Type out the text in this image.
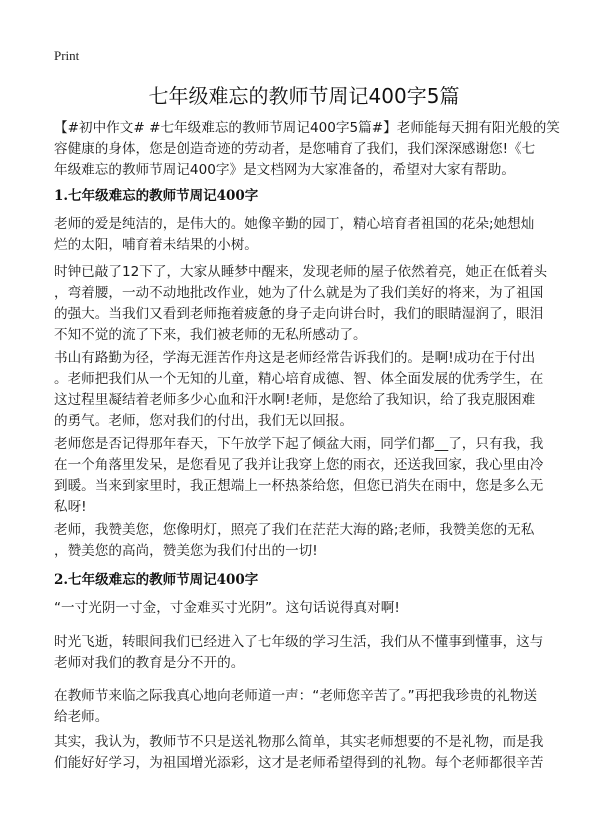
Print
七年级难忘的教师节周记400字5篇

【#初中作文# #七年级难忘的教师节周记400字5篇#】老师能每天拥有阳光般的笑
容健康的身体，您是创造奇迹的劳动者，是您哺育了我们，我们深深感谢您!《七
年级难忘的教师节周记400字》是文档网为大家准备的，希望对大家有帮助。

1.七年级难忘的教师节周记400字

老师的爱是纯洁的，是伟大的。她像辛勤的园丁，精心培育者祖国的花朵;她想灿
烂的太阳，哺育着未结果的小树。

时钟已敲了12下了，大家从睡梦中醒来，发现老师的屋子依然着亮，她正在低着头
，弯着腰，一动不动地批改作业，她为了什么就是为了我们美好的将来，为了祖国
的强大。当我们又看到老师拖着疲惫的身子走向讲台时，我们的眼睛湿润了，眼泪
不知不觉的流了下来，我们被老师的无私所感动了。

书山有路勤为径，学海无涯苦作舟这是老师经常告诉我们的。是啊!成功在于付出
。老师把我们从一个无知的儿童，精心培育成德、智、体全面发展的优秀学生，在
这过程里凝结着老师多少心血和汗水啊!老师，是您给了我知识，给了我克服困难
的勇气。老师，您对我们的付出，我们无以回报。

老师您是否记得那年春天，下午放学下起了倾盆大雨，同学们都__了，只有我，我
在一个角落里发呆，是您看见了我并让我穿上您的雨衣，还送我回家，我心里由冷
到暖。当来到家里时，我正想端上一杯热茶给您，但您已消失在雨中，您是多么无
私呀!

老师，我赞美您，您像明灯，照亮了我们在茫茫大海的路;老师，我赞美您的无私
，赞美您的高尚，赞美您为我们付出的一切!

2.七年级难忘的教师节周记400字

“一寸光阴一寸金，寸金难买寸光阴”。这句话说得真对啊!

时光飞逝，转眼间我们已经进入了七年级的学习生活，我们从不懂事到懂事，这与
老师对我们的教育是分不开的。

在教师节来临之际我真心地向老师道一声：“老师您辛苦了。”再把我珍贵的礼物送
给老师。

其实，我认为，教师节不只是送礼物那么简单，其实老师想要的不是礼物，而是我
们能好好学习，为祖国增光添彩，这才是老师希望得到的礼物。每个老师都很辛苦
